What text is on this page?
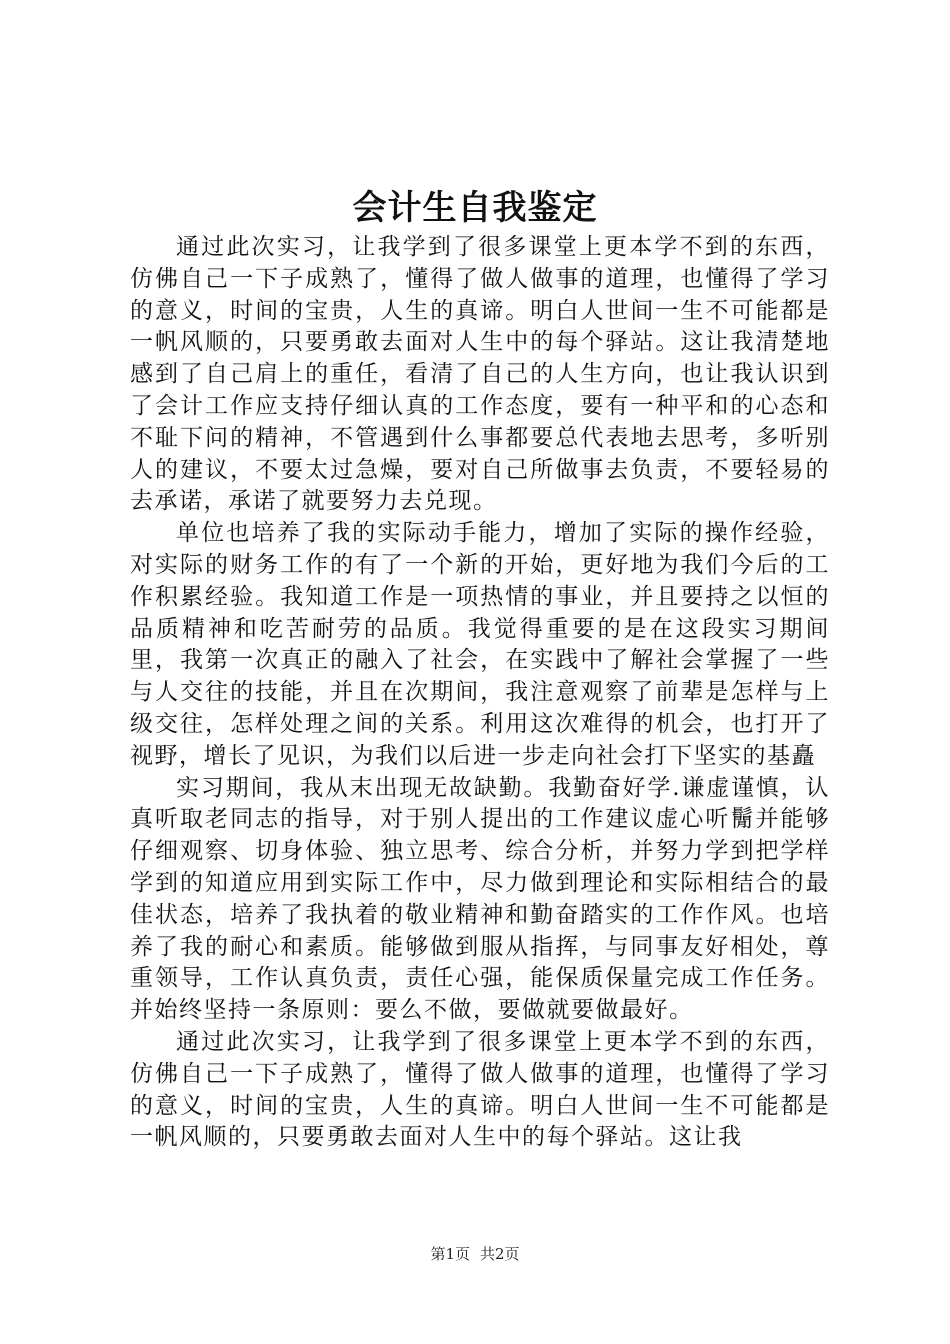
会计生自我鉴定

通过此次实习，让我学到了很多课堂上更本学不到的东西，仿佛自己一下子成熟了，懂得了做人做事的道理，也懂得了学习的意义，时间的宝贵，人生的真谛。明白人世间一生不可能都是一帆风顺的，只要勇敢去面对人生中的每个驿站。这让我清楚地感到了自己肩上的重任，看清了自己的人生方向，也让我认识到了会计工作应支持仔细认真的工作态度，要有一种平和的心态和不耻下问的精神，不管遇到什么事都要总代表地去思考，多听别人的建议，不要太过急燥，要对自己所做事去负责，不要轻易的去承诺，承诺了就要努力去兑现。

单位也培养了我的实际动手能力，增加了实际的操作经验，对实际的财务工作的有了一个新的开始，更好地为我们今后的工作积累经验。我知道工作是一项热情的事业，并且要持之以恒的品质精神和吃苦耐劳的品质。我觉得重要的是在这段实习期间里，我第一次真正的融入了社会，在实践中了解社会掌握了一些与人交往的技能，并且在次期间，我注意观察了前辈是怎样与上级交往，怎样处理之间的关系。利用这次难得的机会，也打开了视野，增长了见识，为我们以后进一步走向社会打下坚实的基矗

实习期间，我从末出现无故缺勤。我勤奋好学.谦虚谨慎，认真听取老同志的指导，对于别人提出的工作建议虚心听鬜并能够仔细观察、切身体验、独立思考、综合分析，并努力学到把学样学到的知道应用到实际工作中，尽力做到理论和实际相结合的最佳状态，培养了我执着的敬业精神和勤奋踏实的工作作风。也培养了我的耐心和素质。能够做到服从指挥，与同事友好相处，尊重领导，工作认真负责，责任心强，能保质保量完成工作任务。并始终坚持一条原则：要么不做，要做就要做最好。

通过此次实习，让我学到了很多课堂上更本学不到的东西，仿佛自己一下子成熟了，懂得了做人做事的道理，也懂得了学习的意义，时间的宝贵，人生的真谛。明白人世间一生不可能都是一帆风顺的，只要勇敢去面对人生中的每个驿站。这让我

第1页 共2页
